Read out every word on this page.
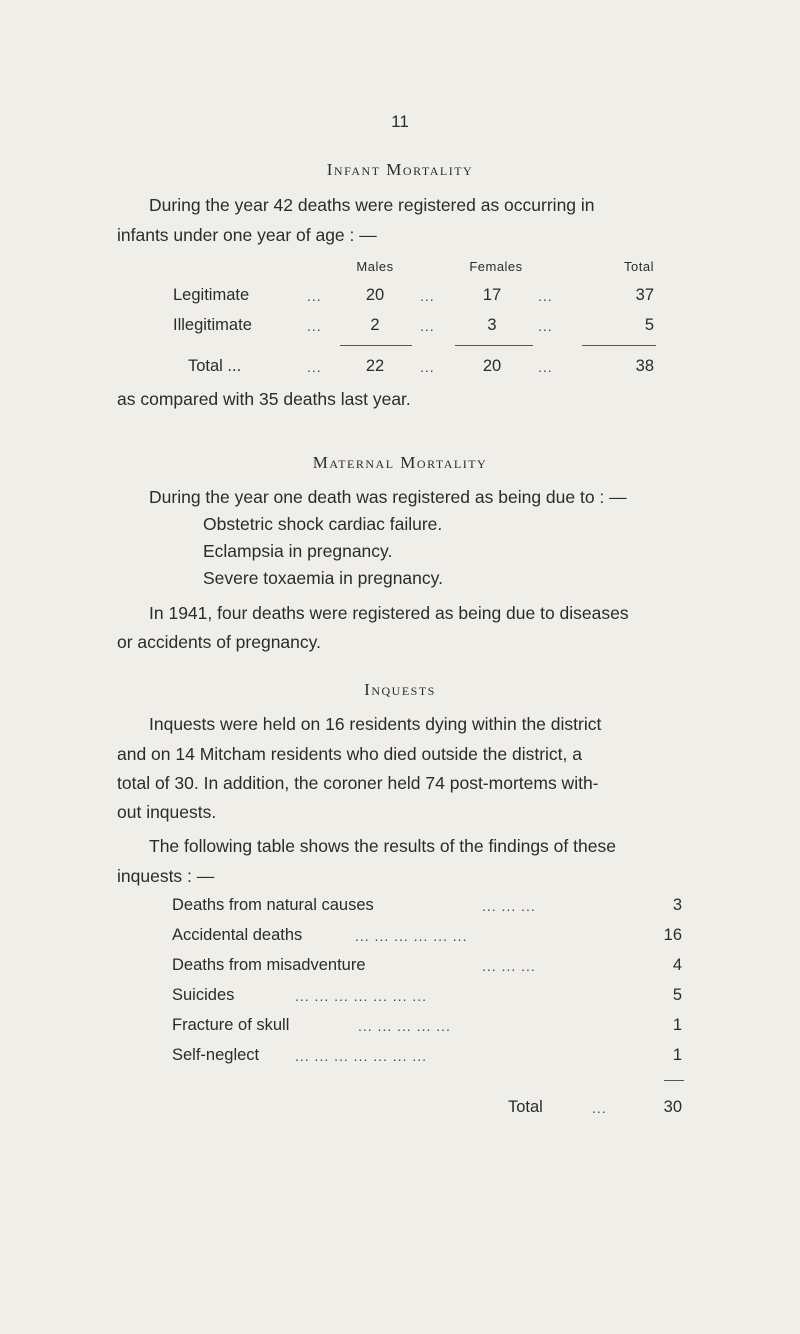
11
Infant Mortality
During the year 42 deaths were registered as occurring in
infants under one year of age : —
Males	Females	Total
Legitimate	...	20	...	17	...	37
Illegitimate	...	2	...	3	...	5
Total ...	...	22	...	20	...	38
as compared with 35 deaths last year.
Maternal Mortality
During the year one death was registered as being due to : —
Obstetric shock cardiac failure.
Eclampsia in pregnancy.
Severe toxaemia in pregnancy.
In 1941, four deaths were registered as being due to diseases
or accidents of pregnancy.
Inquests
Inquests were held on 16 residents dying within the district
and on 14 Mitcham residents who died outside the district, a
total of 30. In addition, the coroner held 74 post-mortems with-
out inquests.
The following table shows the results of the findings of these
inquests : —
Deaths from natural causes	... ... ...	3
Accidental deaths	... ... ... ... ... ...	16
Deaths from misadventure	... ... ...	4
Suicides	... ... ... ... ... ... ...	5
Fracture of skull	... ... ... ... ...	1
Self-neglect	... ... ... ... ... ... ...	1
Total	...	30
